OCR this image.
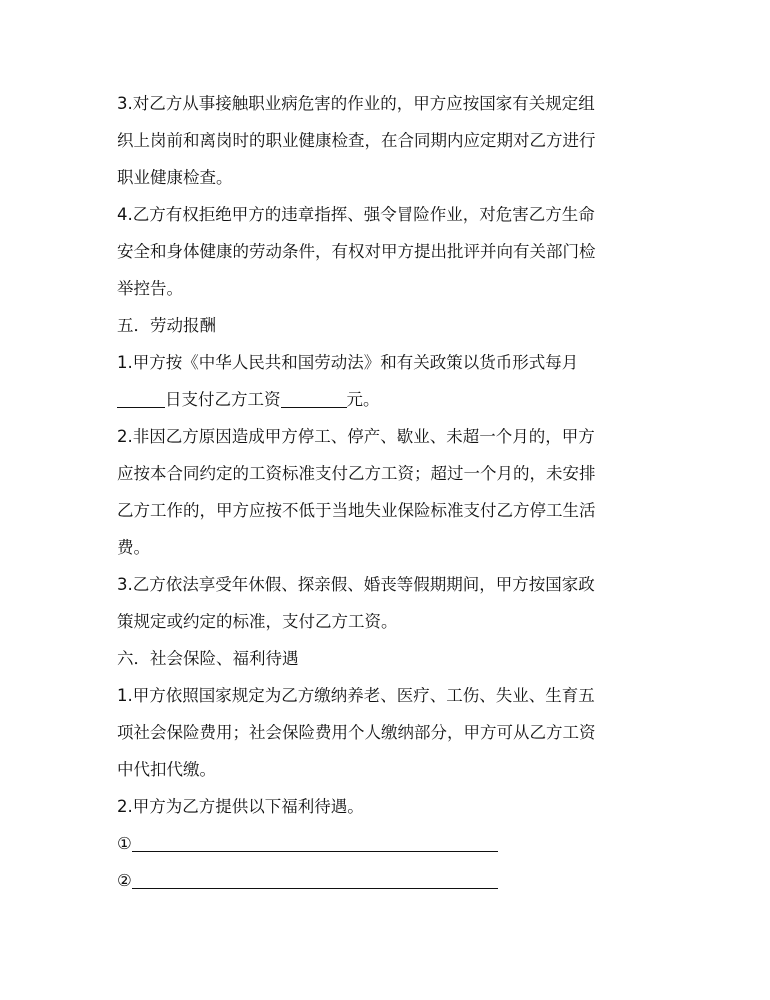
3.对乙方从事接触职业病危害的作业的，甲方应按国家有关规定组
织上岗前和离岗时的职业健康检查，在合同期内应定期对乙方进行
职业健康检查。
4.乙方有权拒绝甲方的违章指挥、强令冒险作业，对危害乙方生命
安全和身体健康的劳动条件，有权对甲方提出批评并向有关部门检
举控告。
五．劳动报酬
1.甲方按《中华人民共和国劳动法》和有关政策以货币形式每月
日支付乙方工资	元。
2.非因乙方原因造成甲方停工、停产、歇业、未超一个月的，甲方
应按本合同约定的工资标准支付乙方工资；超过一个月的，未安排
乙方工作的，甲方应按不低于当地失业保险标准支付乙方停工生活
费。
3.乙方依法享受年休假、探亲假、婚丧等假期期间，甲方按国家政
策规定或约定的标准，支付乙方工资。
六．社会保险、福利待遇
1.甲方依照国家规定为乙方缴纳养老、医疗、工伤、失业、生育五
项社会保险费用；社会保险费用个人缴纳部分，甲方可从乙方工资
中代扣代缴。
2.甲方为乙方提供以下福利待遇。
①
②
